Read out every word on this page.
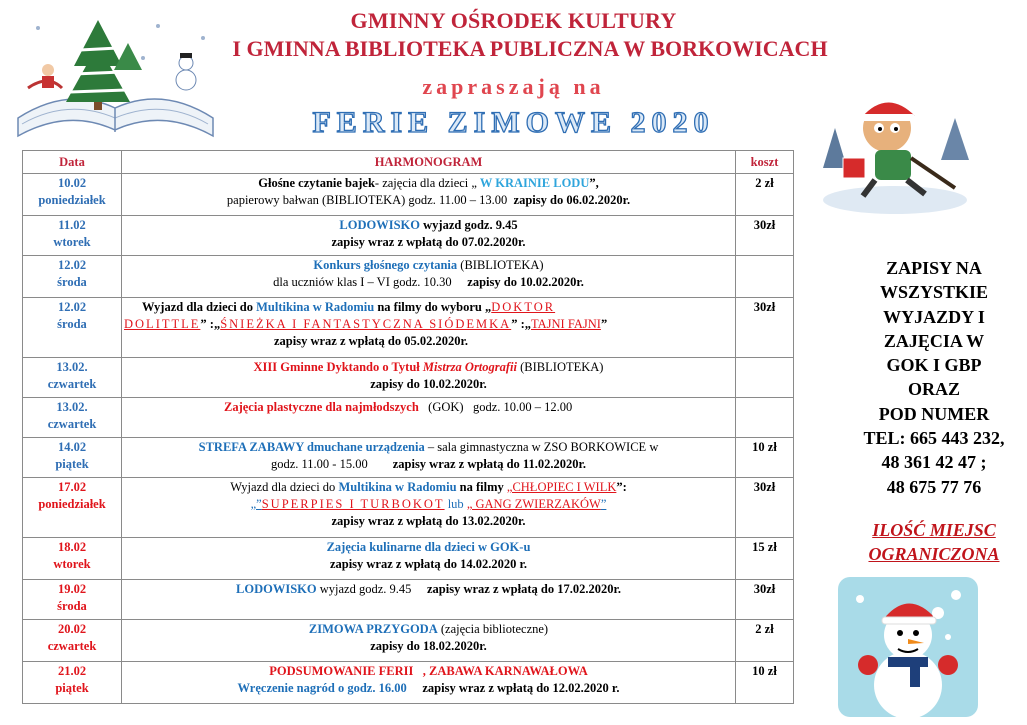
GMINNY OŚRODEK KULTURY
I GMINNA BIBLIOTEKA PUBLICZNA W BORKOWICACH
zapraszają na
FERIE ZIMOWE 2020
Data	HARMONOGRAM	koszt
10.02
poniedziałek	Głośne czytanie bajek- zajęcia dla dzieci „ W KRAINIE LODU”,
papierowy bałwan (BIBLIOTEKA) godz. 11.00 – 13.00 zapisy do 06.02.2020r.	2 zł
11.02
wtorek	LODOWISKO wyjazd godz. 9.45
zapisy wraz z wpłatą do 07.02.2020r.	30zł
12.02
środa	Konkurs głośnego czytania (BIBLIOTEKA)
dla uczniów klas I – VI godz. 10.30 zapisy do 10.02.2020r.	
12.02
środa	Wyjazd dla dzieci do Multikina w Radomiu na filmy do wyboru „DOKTOR
DOLITTLE” :„ŚNIEŻKA I FANTASTYCZNA SIÓDEMKA” :„TAJNI FAJNI”
zapisy wraz z wpłatą do 05.02.2020r.	30zł
13.02.
czwartek	XIII Gminne Dyktando o Tytuł Mistrza Ortografii (BIBLIOTEKA)
zapisy do 10.02.2020r.	
13.02.
czwartek	Zajęcia plastyczne dla najmłodszych   (GOK)   godz. 10.00 – 12.00	
14.02
piątek	STREFA ZABAWY dmuchane urządzenia – sala gimnastyczna w ZSO BORKOWICE w
godz. 11.00 - 15.00 zapisy wraz z wpłatą do 11.02.2020r.	10 zł
17.02
poniedziałek	Wyjazd dla dzieci do Multikina w Radomiu na filmy „CHŁOPIEC I WILK”:
„”SUPERPIES I TURBOKOT lub „ GANG ZWIERZAKÓW”
zapisy wraz z wpłatą do 13.02.2020r.	30zł
18.02
wtorek	Zajęcia kulinarne dla dzieci w GOK-u
zapisy wraz z wpłatą do 14.02.2020 r.	15 zł
19.02
środa	LODOWISKO wyjazd godz. 9.45 zapisy wraz z wpłatą do 17.02.2020r.	30zł
20.02
czwartek	ZIMOWA PRZYGODA (zajęcia biblioteczne)
zapisy do 18.02.2020r.	2 zł
21.02
piątek	PODSUMOWANIE FERII   , ZABAWA KARNAWAŁOWA
Wręczenie nagród o godz. 16.00 zapisy wraz z wpłatą do 12.02.2020 r.	10 zł
ZAPISY NA
WSZYSTKIE
WYJAZDY I
ZAJĘCIA W
GOK I GBP
ORAZ
POD NUMER
TEL: 665 443 232,
48 361 42 47 ;
48 675 77 76
ILOŚĆ MIEJSC
OGRANICZONA
